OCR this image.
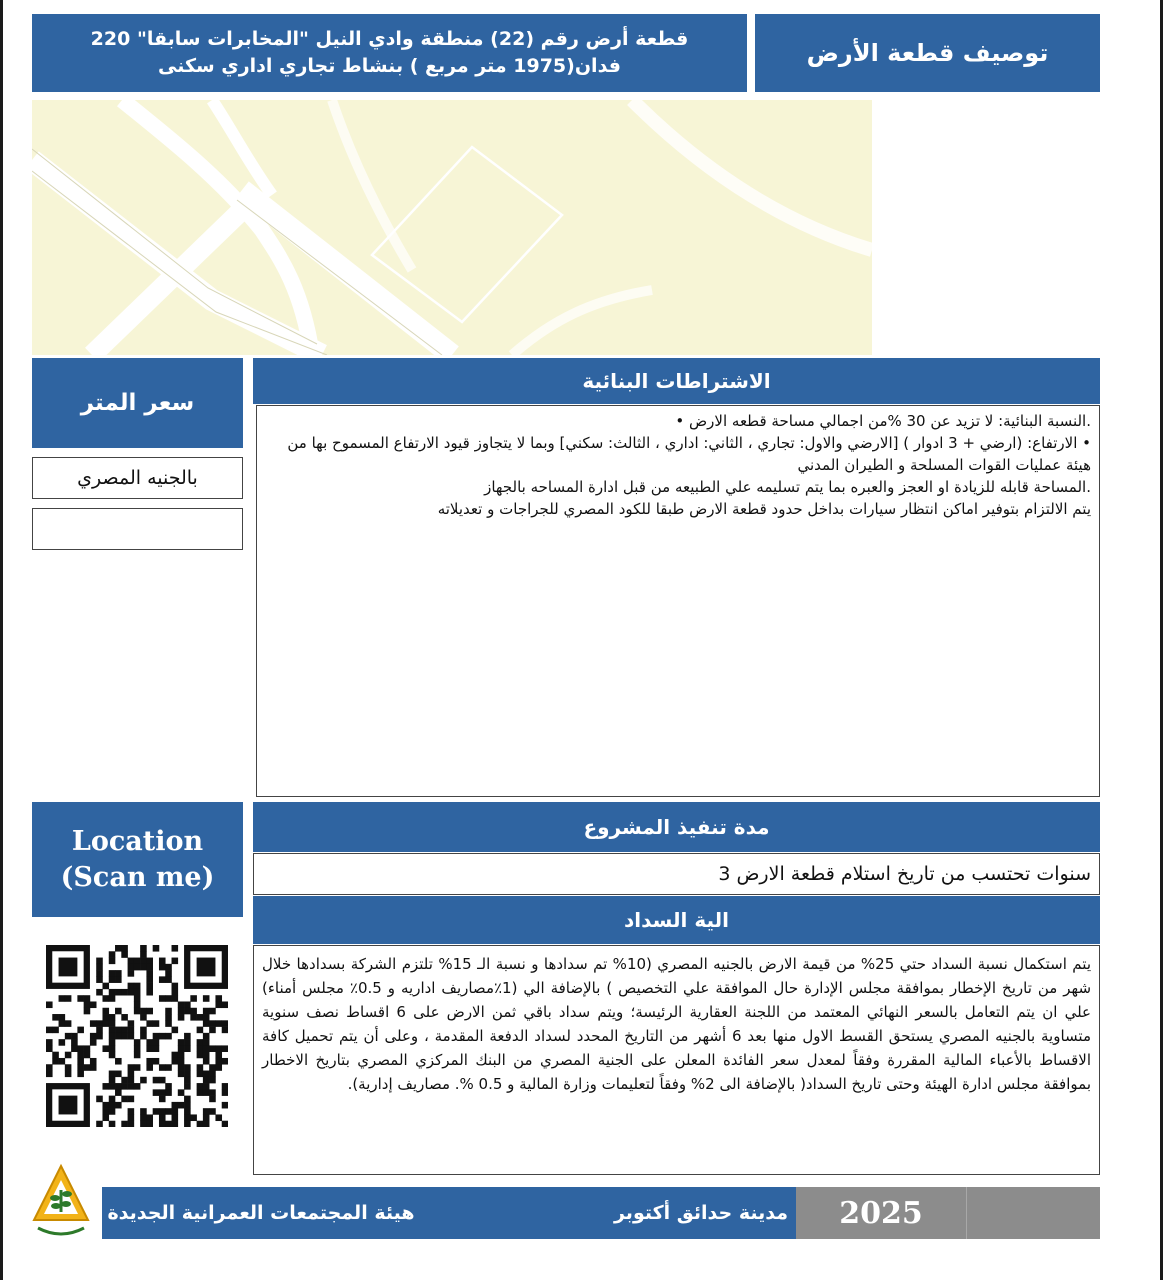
قطعة أرض رقم (22) منطقة وادي النيل "المخابرات سابقا" 220 فدان(1975 متر مربع ) بنشاط تجاري اداري سكنى	توصيف قطعة الأرض
سعر المتر
بالجنيه المصري
الاشتراطات البنائية

.النسبة البنائية: لا تزيد عن 30 %من اجمالي مساحة قطعه الارض •

• الارتفاع: (ارضي + 3 ادوار ) [الارضي والاول: تجاري ، الثاني: اداري ، الثالث: سكني] وبما لا يتجاوز قيود الارتفاع المسموح بها من هيئة عمليات القوات المسلحة و الطيران المدني

.المساحة قابله للزيادة او العجز والعبره بما يتم تسليمه علي الطبيعه من قبل ادارة المساحه بالجهاز

يتم الالتزام بتوفير اماكن انتظار سيارات بداخل حدود قطعة الارض طبقا للكود المصري للجراجات و تعديلاته

Location
(Scan me)
مدة تنفيذ المشروع
سنوات تحتسب من تاريخ استلام قطعة الارض 3
الية السداد
يتم استكمال نسبة السداد حتي 25% من قيمة الارض بالجنيه المصري (10% تم سدادها و نسبة الـ 15% تلتزم الشركة بسدادها خلال شهر من تاريخ الإخطار بموافقة مجلس الإدارة حال الموافقة علي التخصيص ) بالإضافة الي (1٪مصاريف اداريه و 0.5٪ مجلس أمناء) علي ان يتم التعامل بالسعر النهائي المعتمد من اللجنة العقارية الرئيسة؛ ويتم سداد باقي ثمن الارض على 6 اقساط نصف سنوية متساوية بالجنيه المصري يستحق القسط الاول منها بعد 6 أشهر من التاريخ المحدد لسداد الدفعة المقدمة ، وعلى أن يتم تحميل كافة الاقساط بالأعباء المالية المقررة وفقاً لمعدل سعر الفائدة المعلن على الجنية المصري من البنك المركزي المصري بتاريخ الاخطار بموافقة مجلس ادارة الهيئة وحتى تاريخ السداد( بالإضافة الى 2% وفقاً لتعليمات وزارة المالية و 0.5 %. مصاريف إدارية).
هيئة المجتمعات العمرانية الجديدة	مدينة حدائق أكتوبر	2025
